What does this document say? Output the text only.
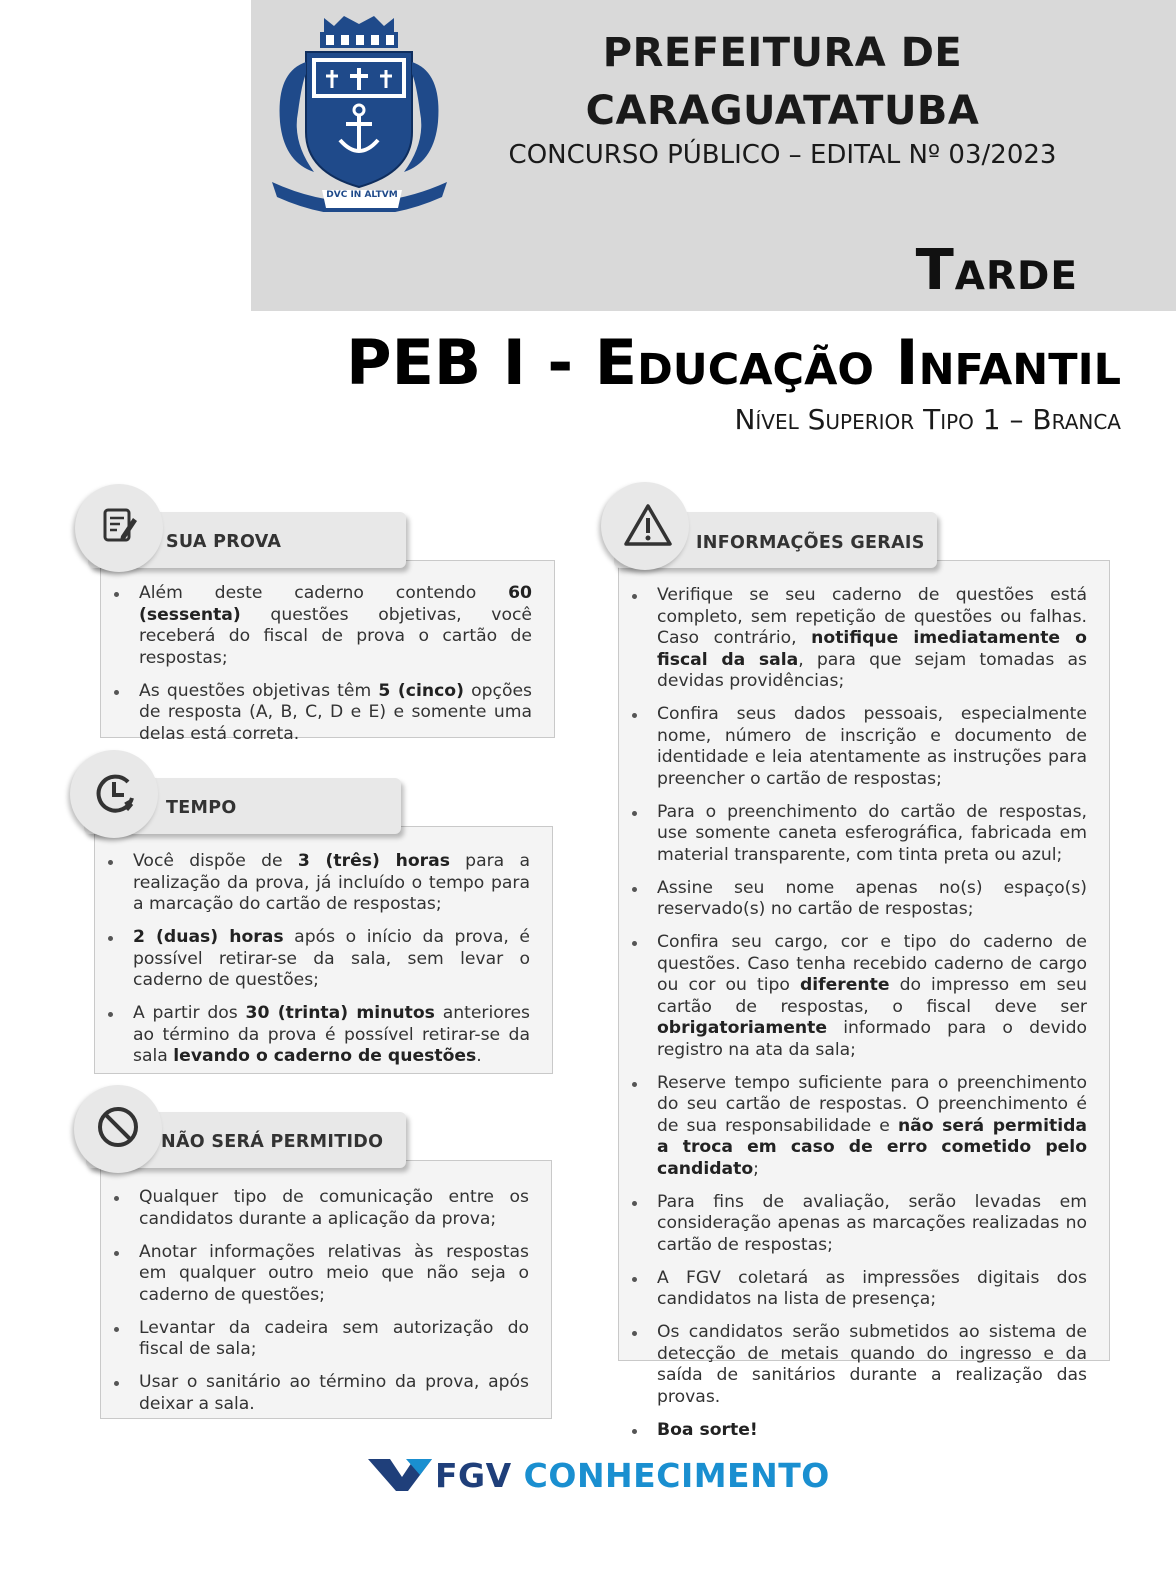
DVC IN ALTVM
PREFEITURA DE
CARAGUATATUBA
CONCURSO PÚBLICO – EDITAL Nº 03/2023
Tarde
PEB I - Educação Infantil
Nível Superior Tipo 1 – Branca
Além deste caderno contendo 60 (sessenta) questões objetivas, você receberá do fiscal de prova o cartão de respostas;
As questões objetivas têm 5 (cinco) opções de resposta (A, B, C, D e E) e somente uma delas está correta.
SUA PROVA
Você dispõe de 3 (três) horas para a realização da prova, já incluído o tempo para a marcação do cartão de respostas;
2 (duas) horas após o início da prova, é possível retirar-se da sala, sem levar o caderno de questões;
A partir dos 30 (trinta) minutos anteriores ao término da prova é possível retirar-se da sala levando o caderno de questões.
TEMPO
Qualquer tipo de comunicação entre os candidatos durante a aplicação da prova;
Anotar informações relativas às respostas em qualquer outro meio que não seja o caderno de questões;
Levantar da cadeira sem autorização do fiscal de sala;
Usar o sanitário ao término da prova, após deixar a sala.
NÃO SERÁ PERMITIDO
Verifique se seu caderno de questões está completo, sem repetição de questões ou falhas. Caso contrário, notifique imediatamente o fiscal da sala, para que sejam tomadas as devidas providências;
Confira seus dados pessoais, especialmente nome, número de inscrição e documento de identidade e leia atentamente as instruções para preencher o cartão de respostas;
Para o preenchimento do cartão de respostas, use somente caneta esferográfica, fabricada em material transparente, com tinta preta ou azul;
Assine seu nome apenas no(s) espaço(s) reservado(s) no cartão de respostas;
Confira seu cargo, cor e tipo do caderno de questões. Caso tenha recebido caderno de cargo ou cor ou tipo diferente do impresso em seu cartão de respostas, o fiscal deve ser obrigatoriamente informado para o devido registro na ata da sala;
Reserve tempo suficiente para o preenchimento do seu cartão de respostas. O preenchimento é de sua responsabilidade e não será permitida a troca em caso de erro cometido pelo candidato;
Para fins de avaliação, serão levadas em consideração apenas as marcações realizadas no cartão de respostas;
A FGV coletará as impressões digitais dos candidatos na lista de presença;
Os candidatos serão submetidos ao sistema de detecção de metais quando do ingresso e da saída de sanitários durante a realização das provas.
Boa sorte!
INFORMAÇÕES GERAIS
FGV CONHECIMENTO
